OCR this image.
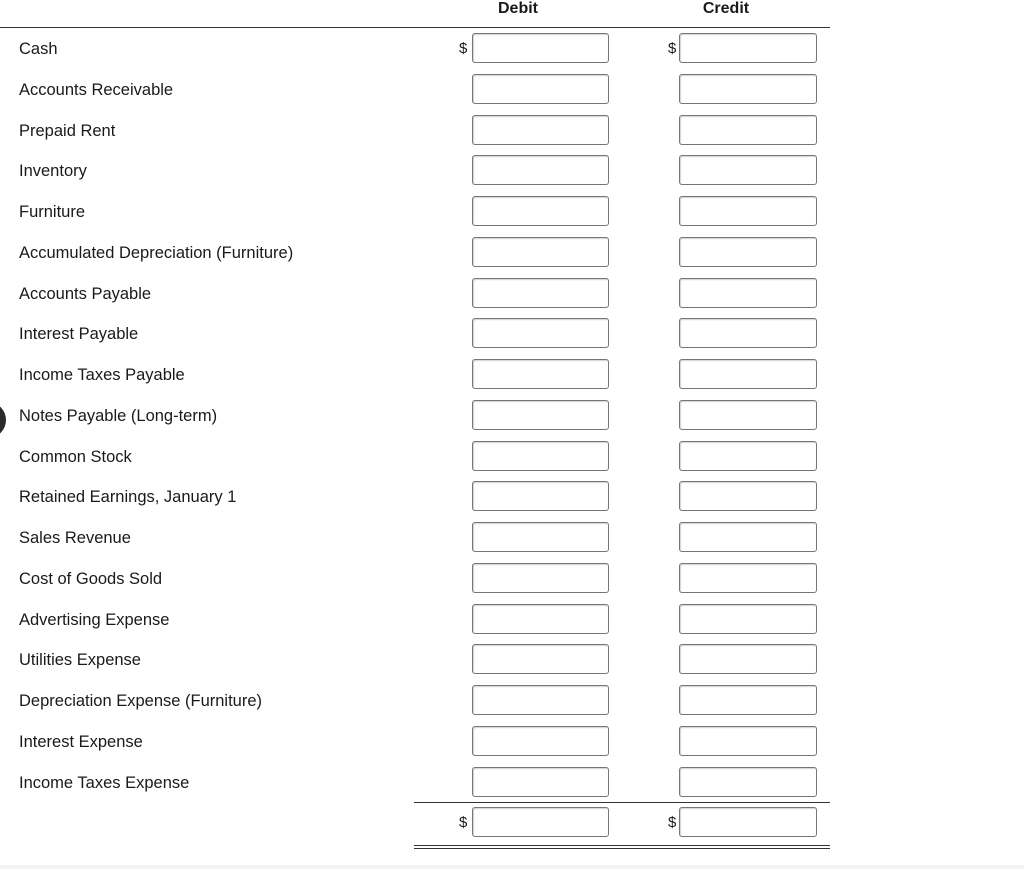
Debit	Credit
Cash	$	$
Accounts Receivable
Prepaid Rent
Inventory
Furniture
Accumulated Depreciation (Furniture)
Accounts Payable
Interest Payable
Income Taxes Payable
Notes Payable (Long-term)
Common Stock
Retained Earnings, January 1
Sales Revenue
Cost of Goods Sold
Advertising Expense
Utilities Expense
Depreciation Expense (Furniture)
Interest Expense
Income Taxes Expense
$	$
